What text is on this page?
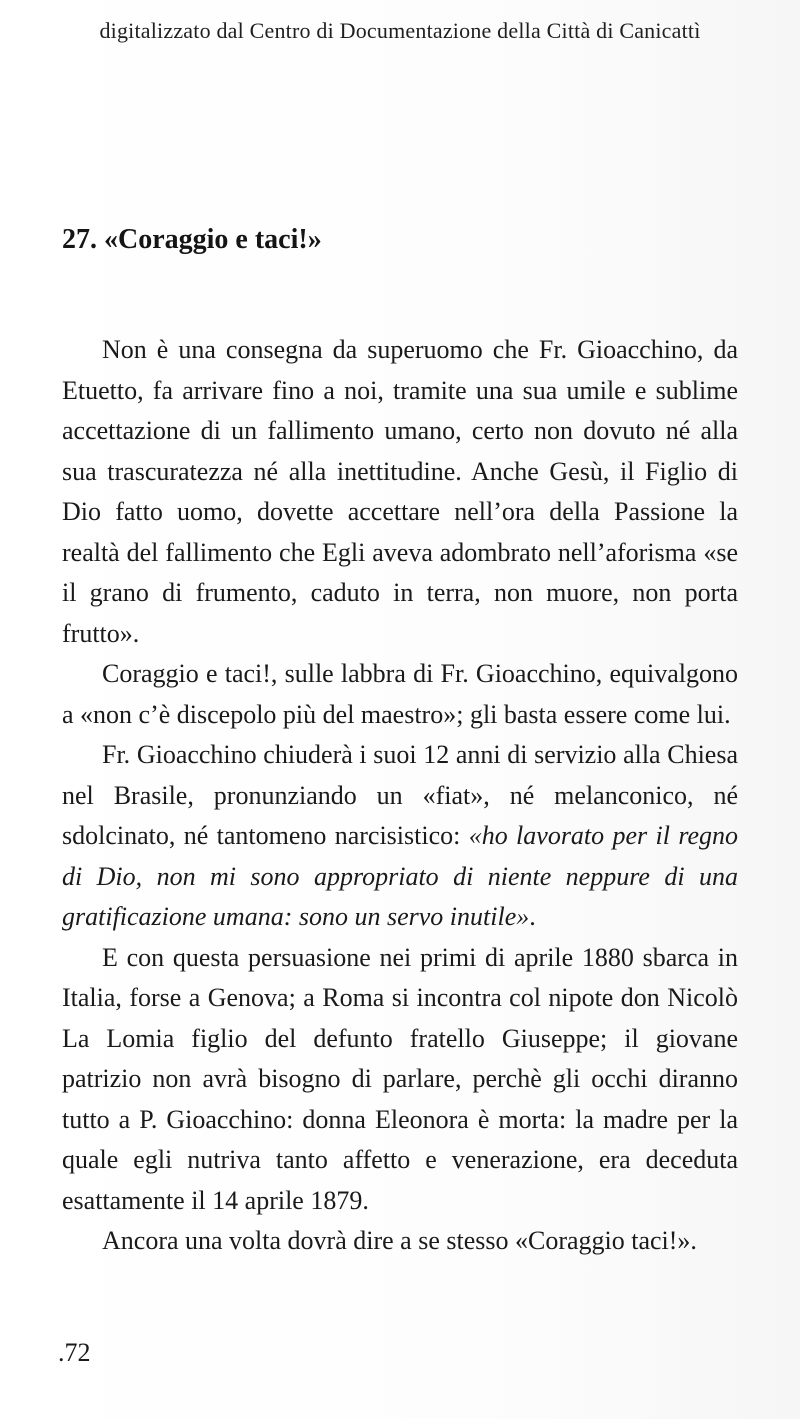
digitalizzato dal Centro di Documentazione della Città di Canicattì
27. «Coraggio e taci!»

Non è una consegna da superuomo che Fr. Gioacchino, da Etuetto, fa arrivare fino a noi, tramite una sua umile e sublime accettazione di un fallimento umano, certo non dovuto né alla sua trascuratezza né alla inettitudine. Anche Gesù, il Figlio di Dio fatto uomo, dovette accettare nell’ora della Passione la realtà del fallimento che Egli aveva adombrato nell’aforisma «se il grano di frumento, caduto in terra, non muore, non porta frutto».

Coraggio e taci!, sulle labbra di Fr. Gioacchino, equivalgono a «non c’è discepolo più del maestro»; gli basta essere come lui.

Fr. Gioacchino chiuderà i suoi 12 anni di servizio alla Chiesa nel Brasile, pronunziando un «fiat», né melanconico, né sdolcinato, né tantomeno narcisistico: «ho lavorato per il regno di Dio, non mi sono appropriato di niente neppure di una gratificazione umana: sono un servo inutile».

E con questa persuasione nei primi di aprile 1880 sbarca in Italia, forse a Genova; a Roma si incontra col nipote don Nicolò La Lomia figlio del defunto fratello Giuseppe; il giovane patrizio non avrà bisogno di parlare, perchè gli occhi diranno tutto a P. Gioacchino: donna Eleonora è morta: la madre per la quale egli nutriva tanto affetto e venerazione, era deceduta esattamente il 14 aprile 1879.

Ancora una volta dovrà dire a se stesso «Coraggio taci!».

.72
